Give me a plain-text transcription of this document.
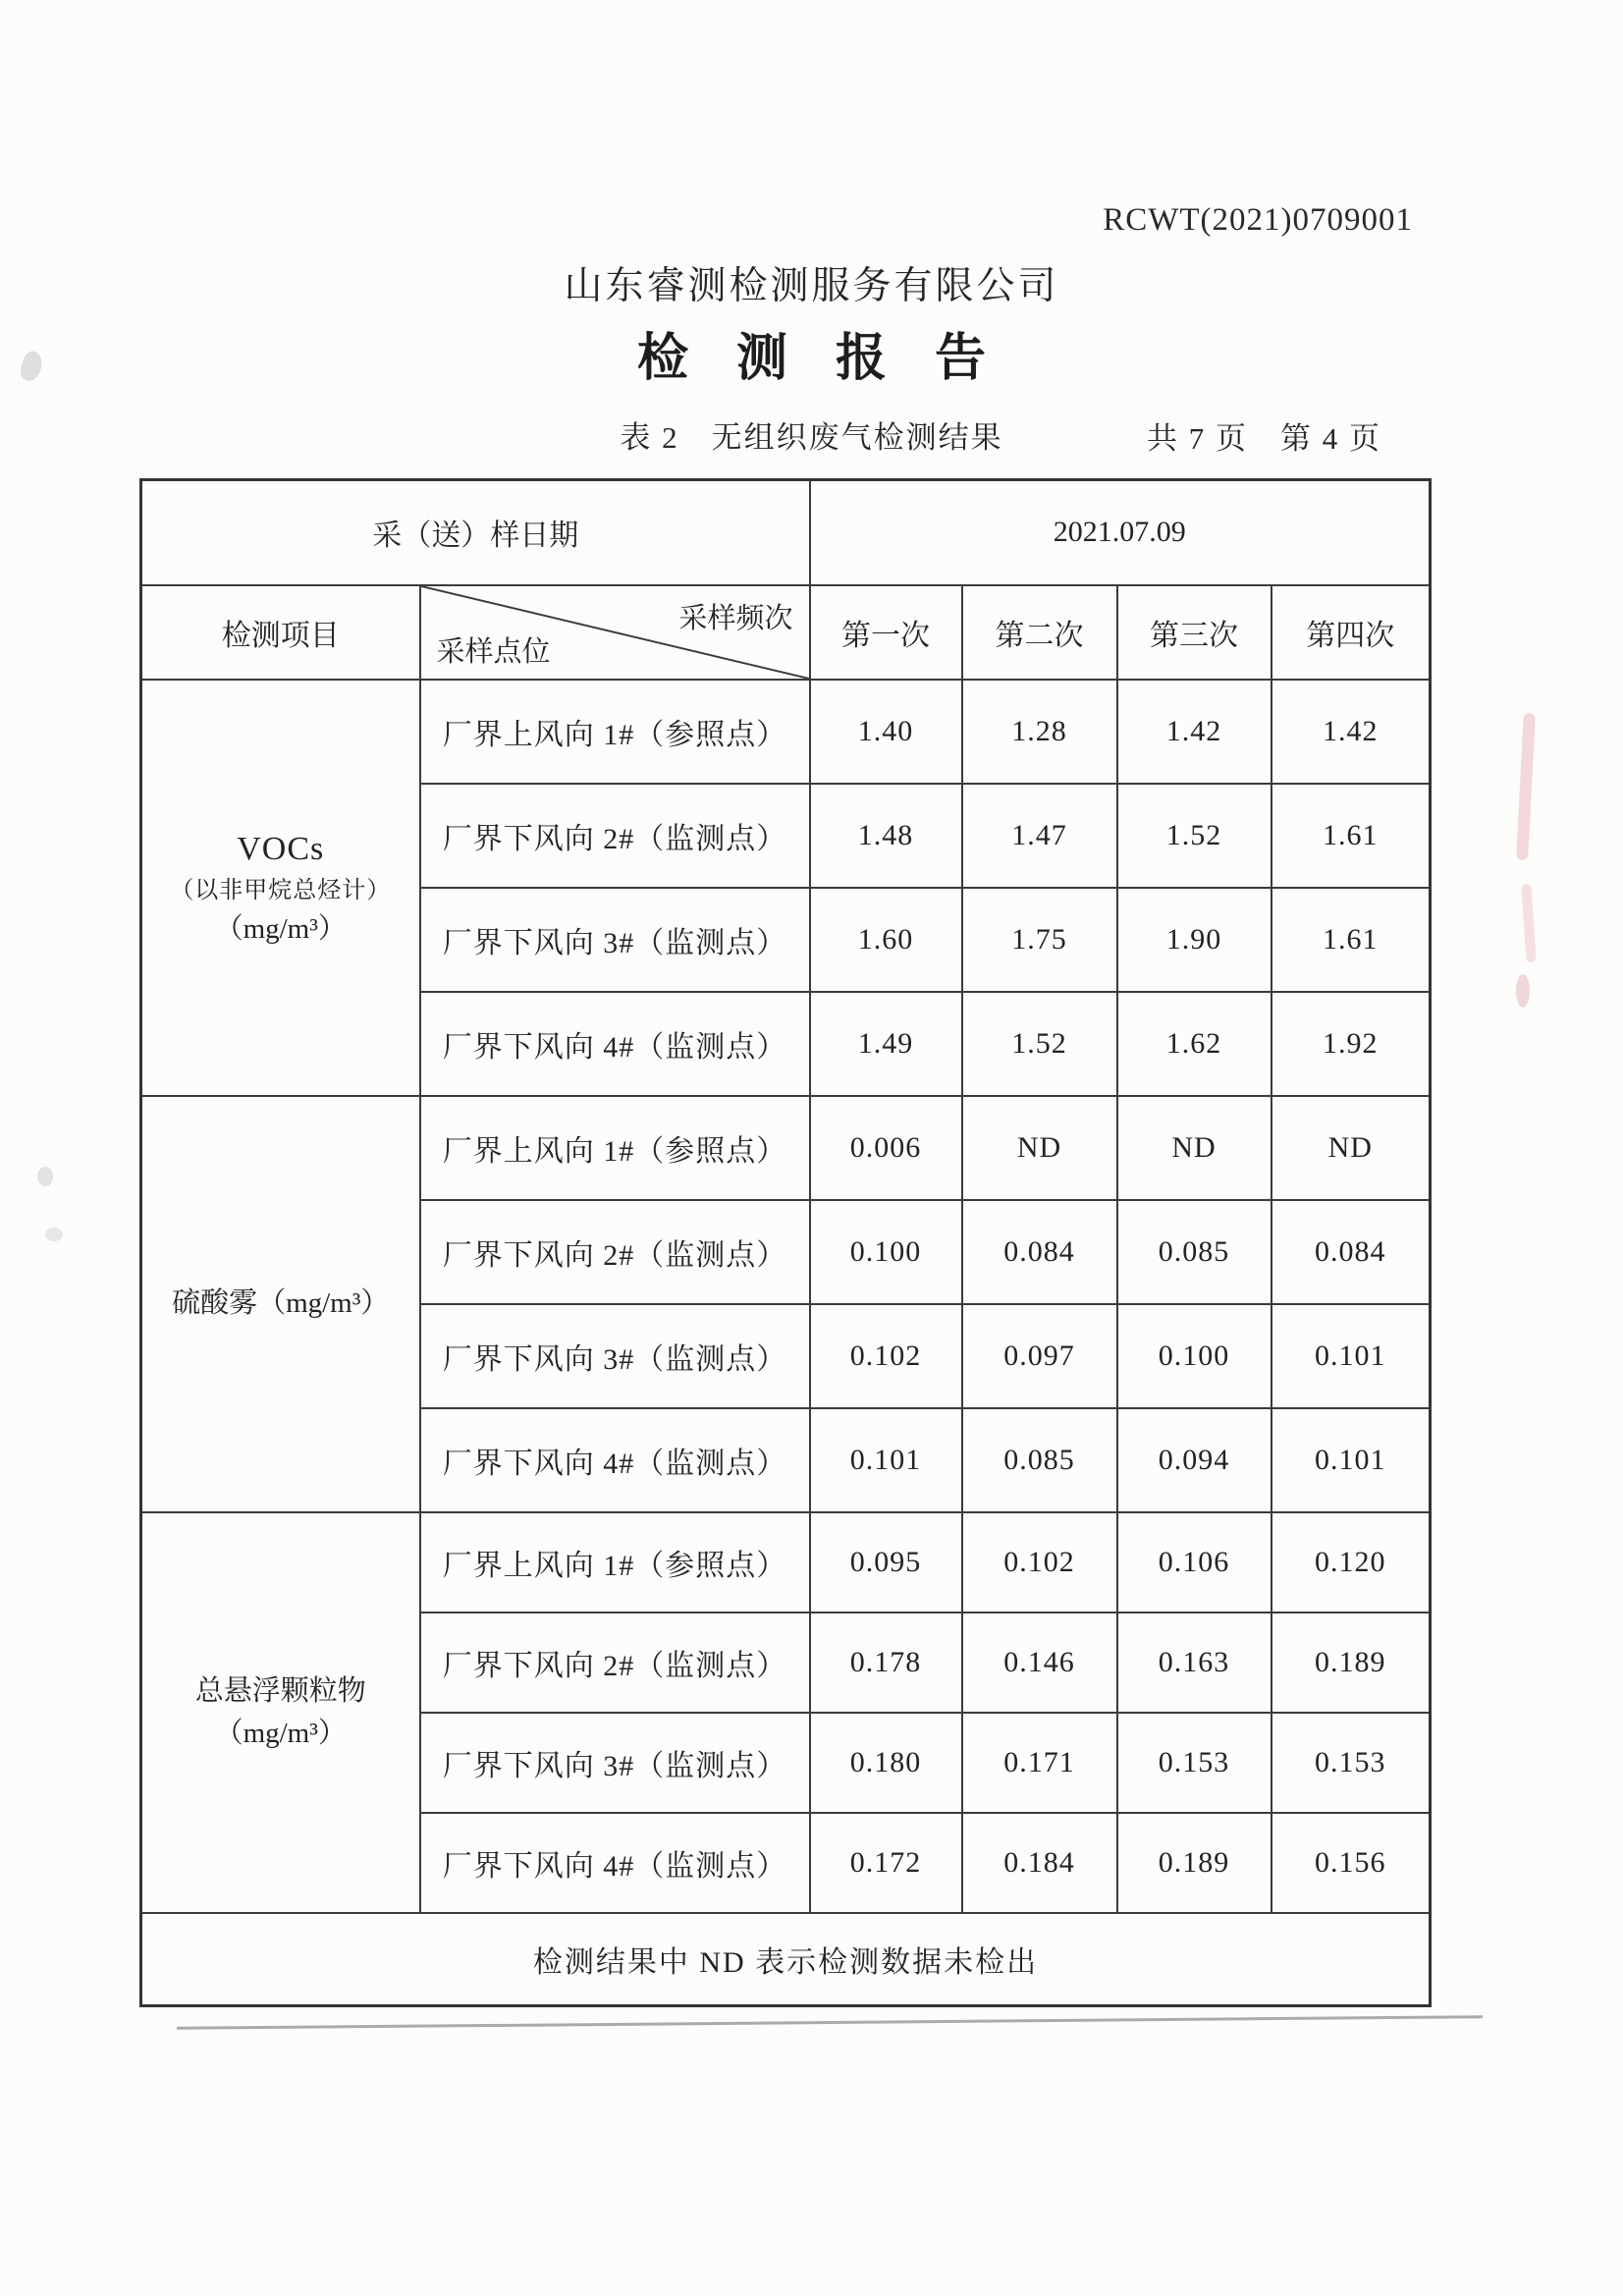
RCWT(2021)0709001
山东睿测检测服务有限公司
检 测 报 告
表 2　无组织废气检测结果	共 7 页　第 4 页
采（送）样日期		2021.07.09			
检测项目	采样频次
采样点位	第一次	第二次	第三次	第四次

VOCs
（以非甲烷总烃计）
（mg/m³）	厂界上风向 1#（参照点）	1.40	1.28	1.42	1.42
	厂界下风向 2#（监测点）	1.48	1.47	1.52	1.61
	厂界下风向 3#（监测点）	1.60	1.75	1.90	1.61
	厂界下风向 4#（监测点）	1.49	1.52	1.62	1.92

硫酸雾（mg/m³）	厂界上风向 1#（参照点）	0.006	ND	ND	ND
	厂界下风向 2#（监测点）	0.100	0.084	0.085	0.084
	厂界下风向 3#（监测点）	0.102	0.097	0.100	0.101
	厂界下风向 4#（监测点）	0.101	0.085	0.094	0.101

总悬浮颗粒物
（mg/m³）	厂界上风向 1#（参照点）	0.095	0.102	0.106	0.120
	厂界下风向 2#（监测点）	0.178	0.146	0.163	0.189
	厂界下风向 3#（监测点）	0.180	0.171	0.153	0.153
	厂界下风向 4#（监测点）	0.172	0.184	0.189	0.156
检测结果中 ND 表示检测数据未检出					
